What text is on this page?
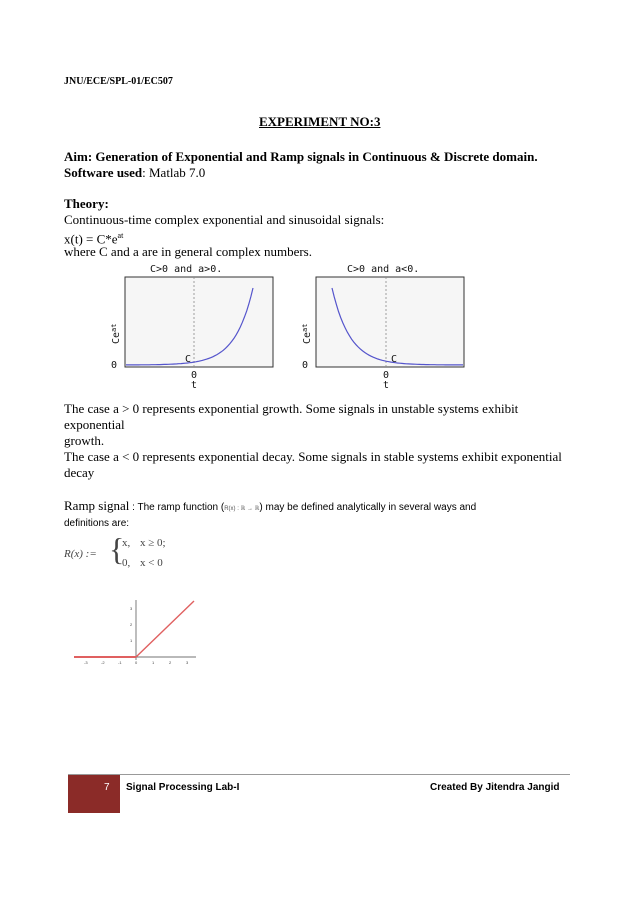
JNU/ECE/SPL-01/EC507
EXPERIMENT NO:3
Aim: Generation of Exponential and Ramp signals in Continuous & Discrete domain.
Software used: Matlab 7.0
Theory:
Continuous-time complex exponential and sinusoidal signals:
$x(t) = C*e^{at}$
where C and a are in general complex numbers.
C>0 and a>0.
0
C
0
t
$Ce^{at}$
C>0 and a<0.
0
C
0
t
$Ce^{at}$
The case a > 0 represents exponential growth. Some signals in unstable systems exhibit
exponential
growth.
The case a < 0 represents exponential decay. Some signals in stable systems exhibit exponential
decay
Ramp signal : The ramp function (R(x) : ℝ → ℝ) may be defined analytically in several ways and
definitions are:
R(x) := {
x, x ≥ 0;
0, x < 0
-3	-2	-1	0	1	2	3
1
2
3
7 Signal Processing Lab-I	Created By Jitendra Jangid
